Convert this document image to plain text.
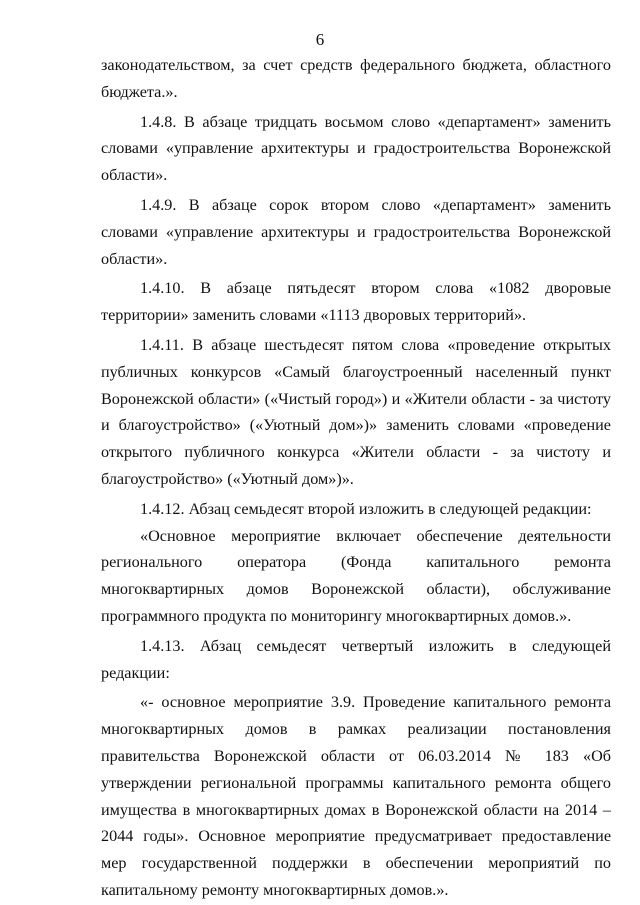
6

законодательством, за счет средств федерального бюджета, областного бюджета.».

1.4.8. В абзаце тридцать восьмом слово «департамент» заменить словами «управление архитектуры и градостроительства Воронежской области».

1.4.9. В абзаце сорок втором слово «департамент» заменить словами «управление архитектуры и градостроительства Воронежской области».

1.4.10. В абзаце пятьдесят втором слова «1082 дворовые территории» заменить словами «1113 дворовых территорий».

1.4.11. В абзаце шестьдесят пятом слова «проведение открытых публичных конкурсов «Самый благоустроенный населенный пункт Воронежской области» («Чистый город») и «Жители области - за чистоту и благоустройство» («Уютный дом»)» заменить словами «проведение открытого публичного конкурса «Жители области - за чистоту и благоустройство» («Уютный дом»)».

1.4.12. Абзац семьдесят второй изложить в следующей редакции:

«Основное мероприятие включает обеспечение деятельности регионального оператора (Фонда капитального ремонта многоквартирных домов Воронежской области), обслуживание программного продукта по мониторингу многоквартирных домов.».

1.4.13. Абзац семьдесят четвертый изложить в следующей редакции:

«- основное мероприятие 3.9. Проведение капитального ремонта многоквартирных домов в рамках реализации постановления правительства Воронежской области от 06.03.2014 № 183 «Об утверждении региональной программы капитального ремонта общего имущества в многоквартирных домах в Воронежской области на 2014 – 2044 годы». Основное мероприятие предусматривает предоставление мер государственной поддержки в обеспечении мероприятий по капитальному ремонту многоквартирных домов.».
